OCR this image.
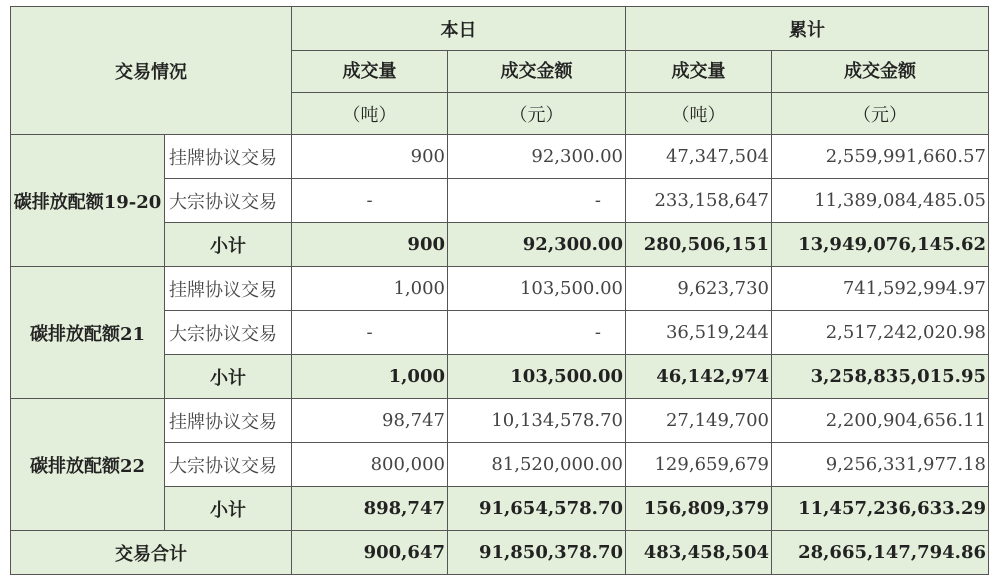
交易情况		本日		累计	
		成交量	成交金额	成交量	成交金额
		（吨）	（元）	（吨）	（元）
碳排放配额19-20	挂牌协议交易	900	92,300.00	47,347,504	2,559,991,660.57
	大宗协议交易	-	-	233,158,647	11,389,084,485.05
	小计	900	92,300.00	280,506,151	13,949,076,145.62
碳排放配额21	挂牌协议交易	1,000	103,500.00	9,623,730	741,592,994.97
	大宗协议交易	-	-	36,519,244	2,517,242,020.98
	小计	1,000	103,500.00	46,142,974	3,258,835,015.95
碳排放配额22	挂牌协议交易	98,747	10,134,578.70	27,149,700	2,200,904,656.11
	大宗协议交易	800,000	81,520,000.00	129,659,679	9,256,331,977.18
	小计	898,747	91,654,578.70	156,809,379	11,457,236,633.29
交易合计		900,647	91,850,378.70	483,458,504	28,665,147,794.86
